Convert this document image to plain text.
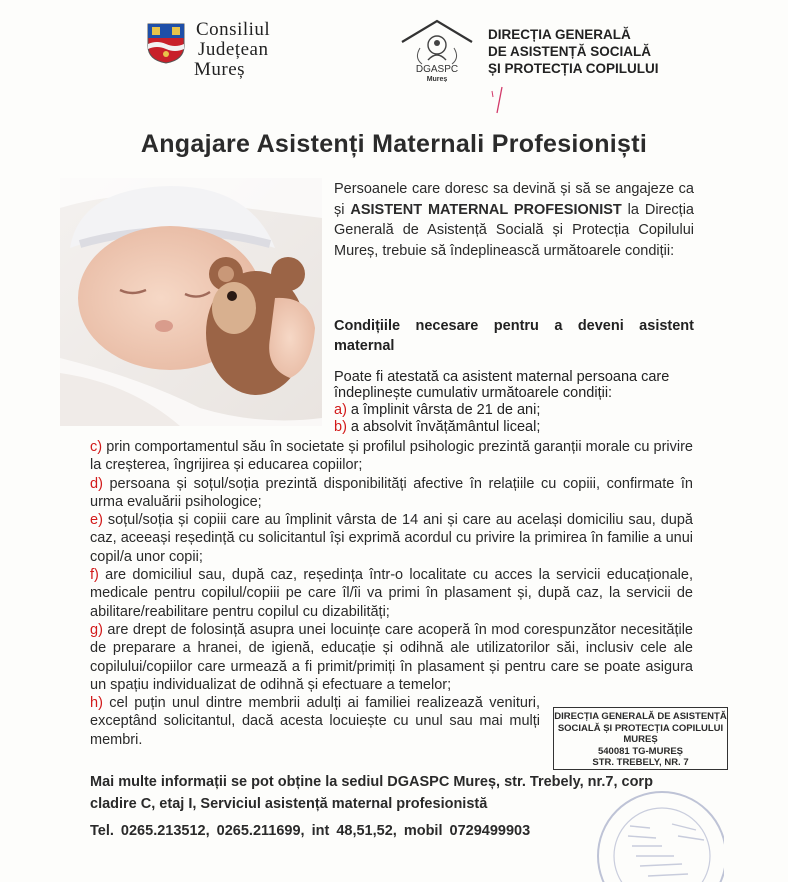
Consiliul
Județean
Mureș	DGASPC
Mureș
DIRECȚIA GENERALĂ
DE ASISTENȚĂ SOCIALĂ
ȘI PROTECȚIA COPILULUI
Angajare Asistenți Maternali Profesioniști
Persoanele care doresc sa devină și să se angajeze ca și ASISTENT MATERNAL PROFESIONIST la Direcția Generală de Asistență Socială și Protecția Copilului Mureș, trebuie să îndeplinească următoarele condiții:
Condițiile necesare pentru a deveni asistent maternal
Poate fi atestată ca asistent maternal persoana care îndeplinește cumulativ următoarele condiții:
a) a împlinit vârsta de 21 de ani;
b) a absolvit învățământul liceal;

c) prin comportamentul său în societate și profilul psihologic prezintă garanții morale cu privire la creșterea, îngrijirea și educarea copiilor;

d) persoana și soțul/soția prezintă disponibilități afective în relațiile cu copiii, confirmate în urma evaluării psihologice;

e) soțul/soția și copiii care au împlinit vârsta de 14 ani și care au același domiciliu sau, după caz, aceeași reședință cu solicitantul își exprimă acordul cu privire la primirea în familie a unui copil/a unor copii;

f) are domiciliul sau, după caz, reședința într-o localitate cu acces la servicii educaționale, medicale pentru copilul/copiii pe care îl/îi va primi în plasament și, după caz, la servicii de abilitare/reabilitare pentru copilul cu dizabilități;

g) are drept de folosință asupra unei locuințe care acoperă în mod corespunzător necesitățile de preparare a hranei, de igienă, educație și odihnă ale utilizatorilor săi, inclusiv cele ale copilului/copiilor care urmează a fi primit/primiți în plasament și pentru care se poate asigura un spațiu individualizat de odihnă și efectuare a temelor;

h) cel puțin unul dintre membrii adulți ai familiei realizează venituri, exceptând solicitantul, dacă acesta locuiește cu unul sau mai mulți membri.

DIRECȚIA GENERALĂ DE ASISTENȚĂ
SOCIALĂ ȘI PROTECȚIA COPILULUI
MUREȘ
540081 TG-MUREȘ
STR. TREBELY, NR. 7
Mai multe informații se pot obține la sediul DGASPC Mureș, str. Trebely, nr.7, corp cladire C, etaj I, Serviciul asistență maternal profesionistă
Tel. 0265.213512, 0265.211699, int 48,51,52, mobil 0729499903
